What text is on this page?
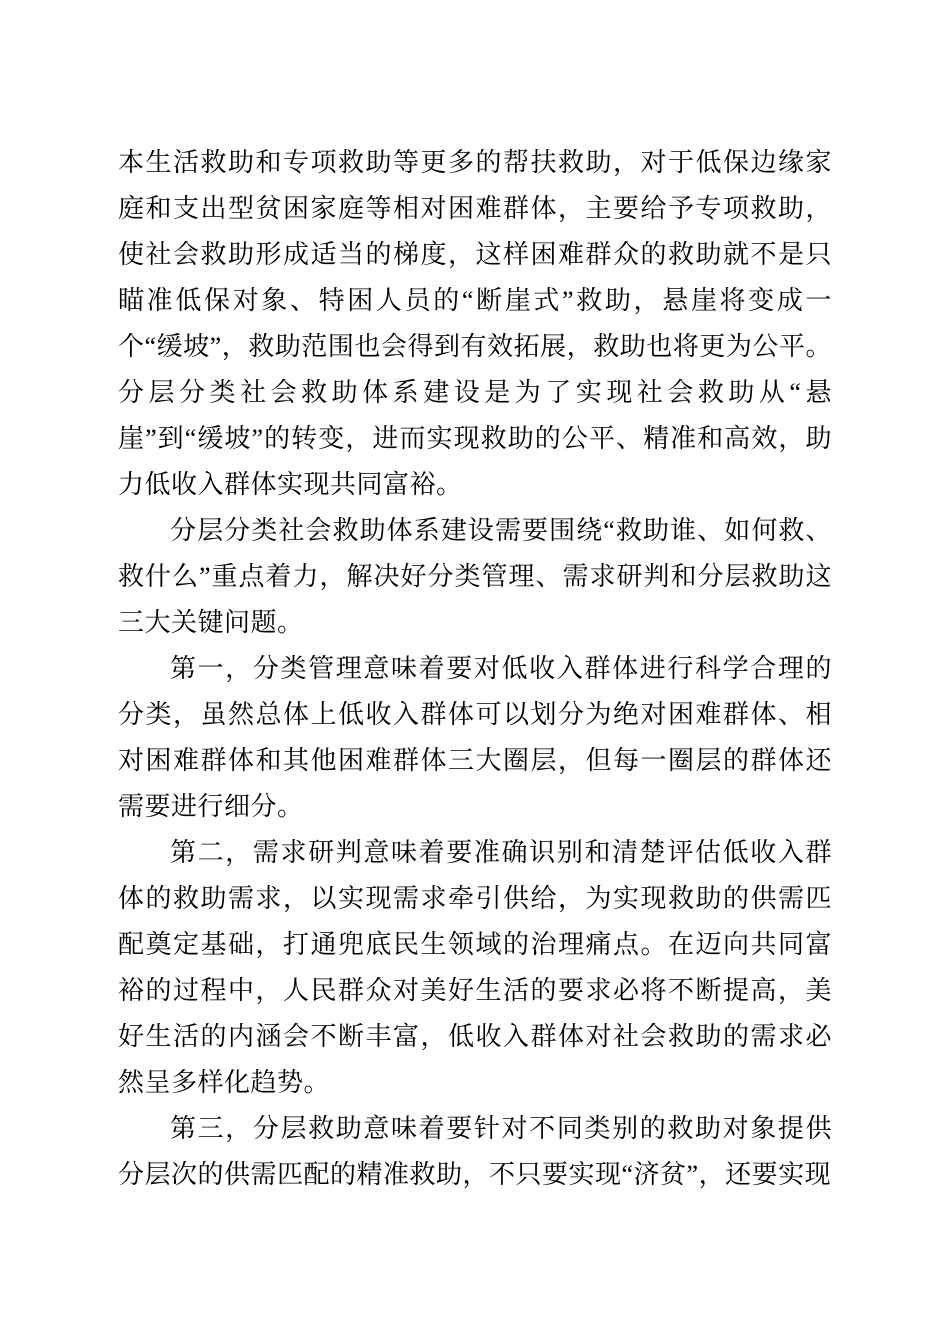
本生活救助和专项救助等更多的帮扶救助，对于低保边缘家庭和支出型贫困家庭等相对困难群体，主要给予专项救助，使社会救助形成适当的梯度，这样困难群众的救助就不是只瞄准低保对象、特困人员的“断崖式”救助，悬崖将变成一个“缓坡”，救助范围也会得到有效拓展，救助也将更为公平。分层分类社会救助体系建设是为了实现社会救助从“悬崖”到“缓坡”的转变，进而实现救助的公平、精准和高效，助力低收入群体实现共同富裕。

分层分类社会救助体系建设需要围绕“救助谁、如何救、救什么”重点着力，解决好分类管理、需求研判和分层救助这三大关键问题。

第一，分类管理意味着要对低收入群体进行科学合理的分类，虽然总体上低收入群体可以划分为绝对困难群体、相对困难群体和其他困难群体三大圈层，但每一圈层的群体还需要进行细分。

第二，需求研判意味着要准确识别和清楚评估低收入群体的救助需求，以实现需求牵引供给，为实现救助的供需匹配奠定基础，打通兜底民生领域的治理痛点。在迈向共同富裕的过程中，人民群众对美好生活的要求必将不断提高，美好生活的内涵会不断丰富，低收入群体对社会救助的需求必然呈多样化趋势。

第三，分层救助意味着要针对不同类别的救助对象提供分层次的供需匹配的精准救助，不只要实现“济贫”，还要实现
